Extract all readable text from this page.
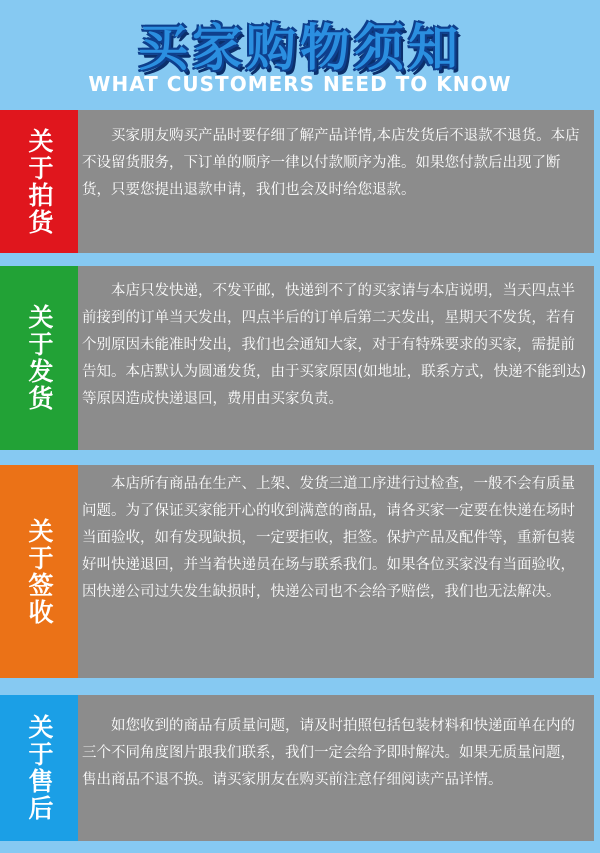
买家购物须知
WHAT CUSTOMERS NEED TO KNOW
关于拍货	买家朋友购买产品时要仔细了解产品详情,本店发货后不退款不退货。本店不设留货服务，下订单的顺序一律以付款顺序为准。如果您付款后出现了断货，只要您提出退款申请，我们也会及时给您退款。

关于发货

本店只发快递，不发平邮，快递到不了的买家请与本店说明，当天四点半前接到的订单当天发出，四点半后的订单后第二天发出，星期天不发货，若有个别原因未能准时发出，我们也会通知大家，对于有特殊要求的买家，需提前告知。本店默认为圆通发货，由于买家原因(如地址，联系方式，快递不能到达)等原因造成快递退回，费用由买家负责。

关于签收

本店所有商品在生产、上架、发货三道工序进行过检查，一般不会有质量问题。为了保证买家能开心的收到满意的商品，请各买家一定要在快递在场时当面验收，如有发现缺损，一定要拒收，拒签。保护产品及配件等，重新包装好叫快递退回，并当着快递员在场与联系我们。如果各位买家没有当面验收，因快递公司过失发生缺损时，快递公司也不会给予赔偿，我们也无法解决。

关于售后	如您收到的商品有质量问题，请及时拍照包括包装材料和快递面单在内的三个不同角度图片跟我们联系，我们一定会给予即时解决。如果无质量问题，售出商品不退不换。请买家朋友在购买前注意仔细阅读产品详情。
